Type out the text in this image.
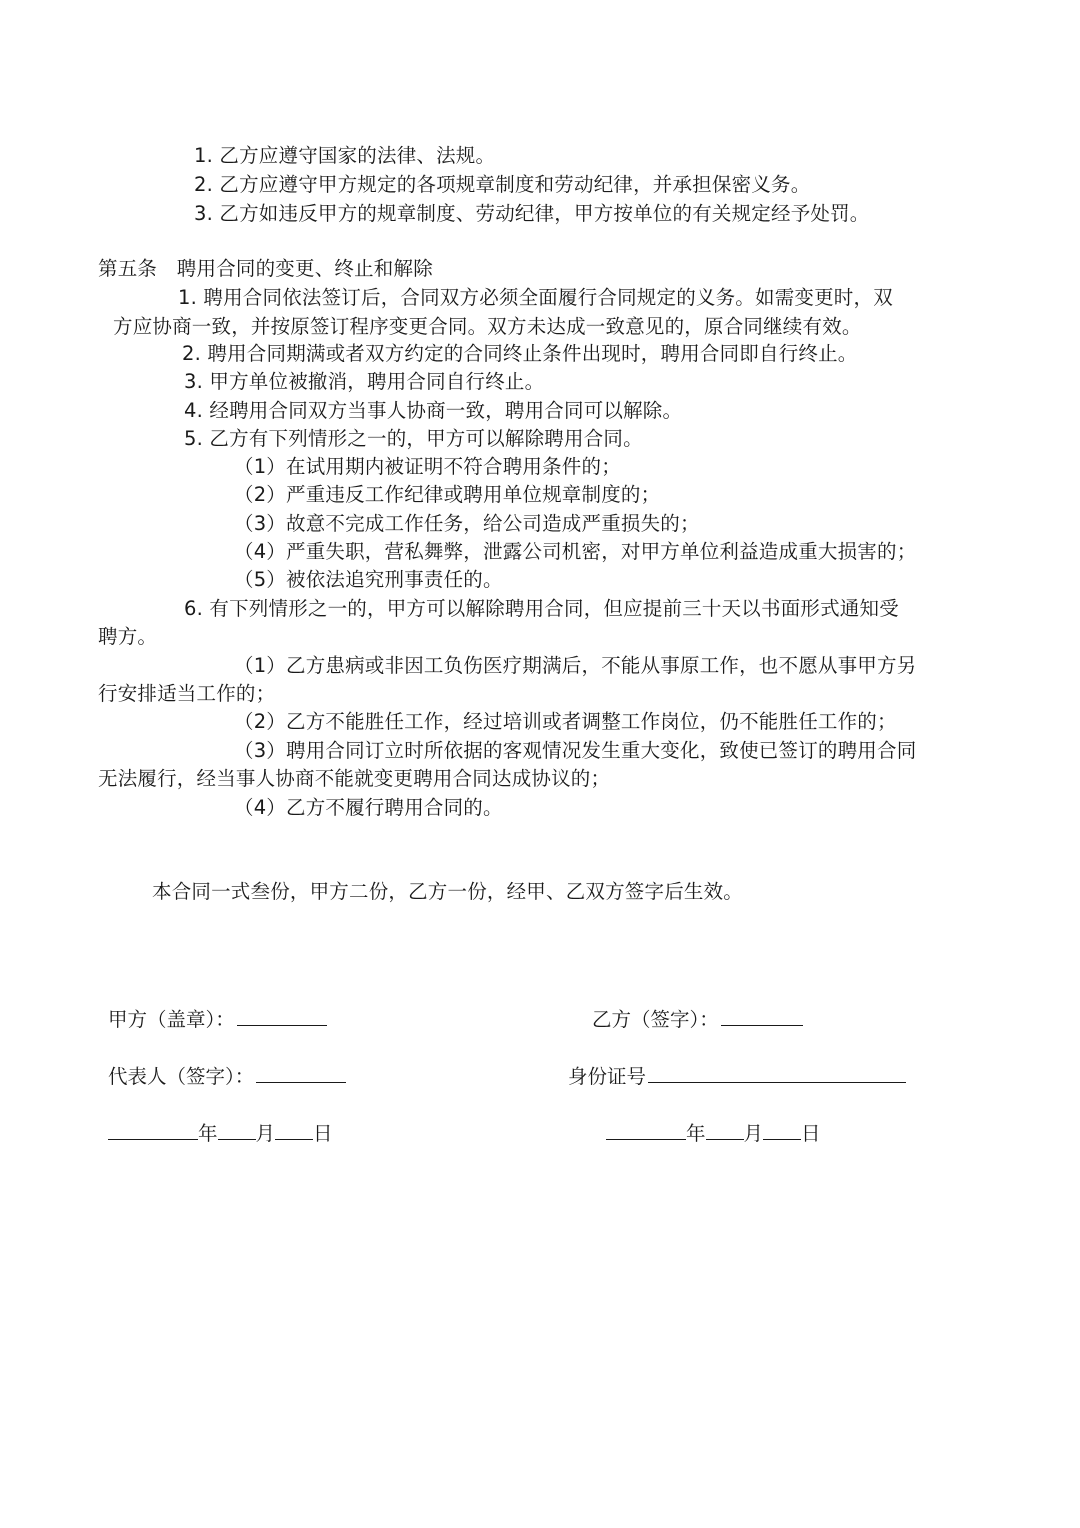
1. 乙方应遵守国家的法律、法规。
2. 乙方应遵守甲方规定的各项规章制度和劳动纪律，并承担保密义务。
3. 乙方如违反甲方的规章制度、劳动纪律，甲方按单位的有关规定经予处罚。
第五条　聘用合同的变更、终止和解除
1. 聘用合同依法签订后，合同双方必须全面履行合同规定的义务。如需变更时，双
方应协商一致，并按原签订程序变更合同。双方未达成一致意见的，原合同继续有效。
2. 聘用合同期满或者双方约定的合同终止条件出现时，聘用合同即自行终止。
3. 甲方单位被撤消，聘用合同自行终止。
4. 经聘用合同双方当事人协商一致，聘用合同可以解除。
5. 乙方有下列情形之一的，甲方可以解除聘用合同。
（1）在试用期内被证明不符合聘用条件的；
（2）严重违反工作纪律或聘用单位规章制度的；
（3）故意不完成工作任务，给公司造成严重损失的；
（4）严重失职，营私舞弊，泄露公司机密，对甲方单位利益造成重大损害的；
（5）被依法追究刑事责任的。
6. 有下列情形之一的，甲方可以解除聘用合同，但应提前三十天以书面形式通知受
聘方。
（1）乙方患病或非因工负伤医疗期满后，不能从事原工作，也不愿从事甲方另
行安排适当工作的；
（2）乙方不能胜任工作，经过培训或者调整工作岗位，仍不能胜任工作的；
（3）聘用合同订立时所依据的客观情况发生重大变化，致使已签订的聘用合同
无法履行，经当事人协商不能就变更聘用合同达成协议的；
（4）乙方不履行聘用合同的。
本合同一式叁份，甲方二份，乙方一份，经甲、乙双方签字后生效。
甲方（盖章）：	乙方（签字）：
代表人（签字）：	身份证号
年 月 日	年 月 日
